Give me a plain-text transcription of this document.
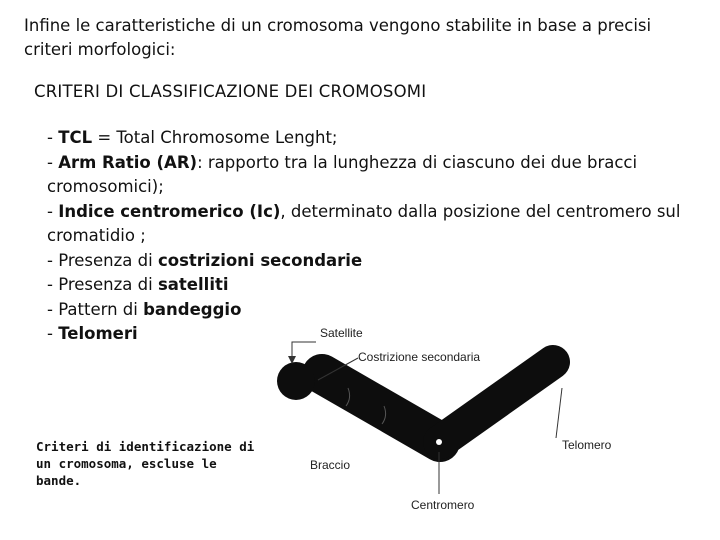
Infine le caratteristiche di un cromosoma vengono stabilite in base a precisi criteri morfologici:

CRITERI DI CLASSIFICAZIONE DEI CROMOSOMI

- TCL = Total Chromosome Lenght;
- Arm Ratio (AR): rapporto tra la lunghezza di ciascuno dei due bracci cromosomici);
- Indice centromerico (Ic), determinato dalla posizione del centromero sul cromatidio ;
- Presenza di costrizioni secondarie
- Presenza di satelliti
- Pattern di bandeggio
- Telomeri

Criteri di identificazione di un cromosoma, escluse le bande.

Satellite
Costrizione secondaria
Telomero
Braccio
Centromero
